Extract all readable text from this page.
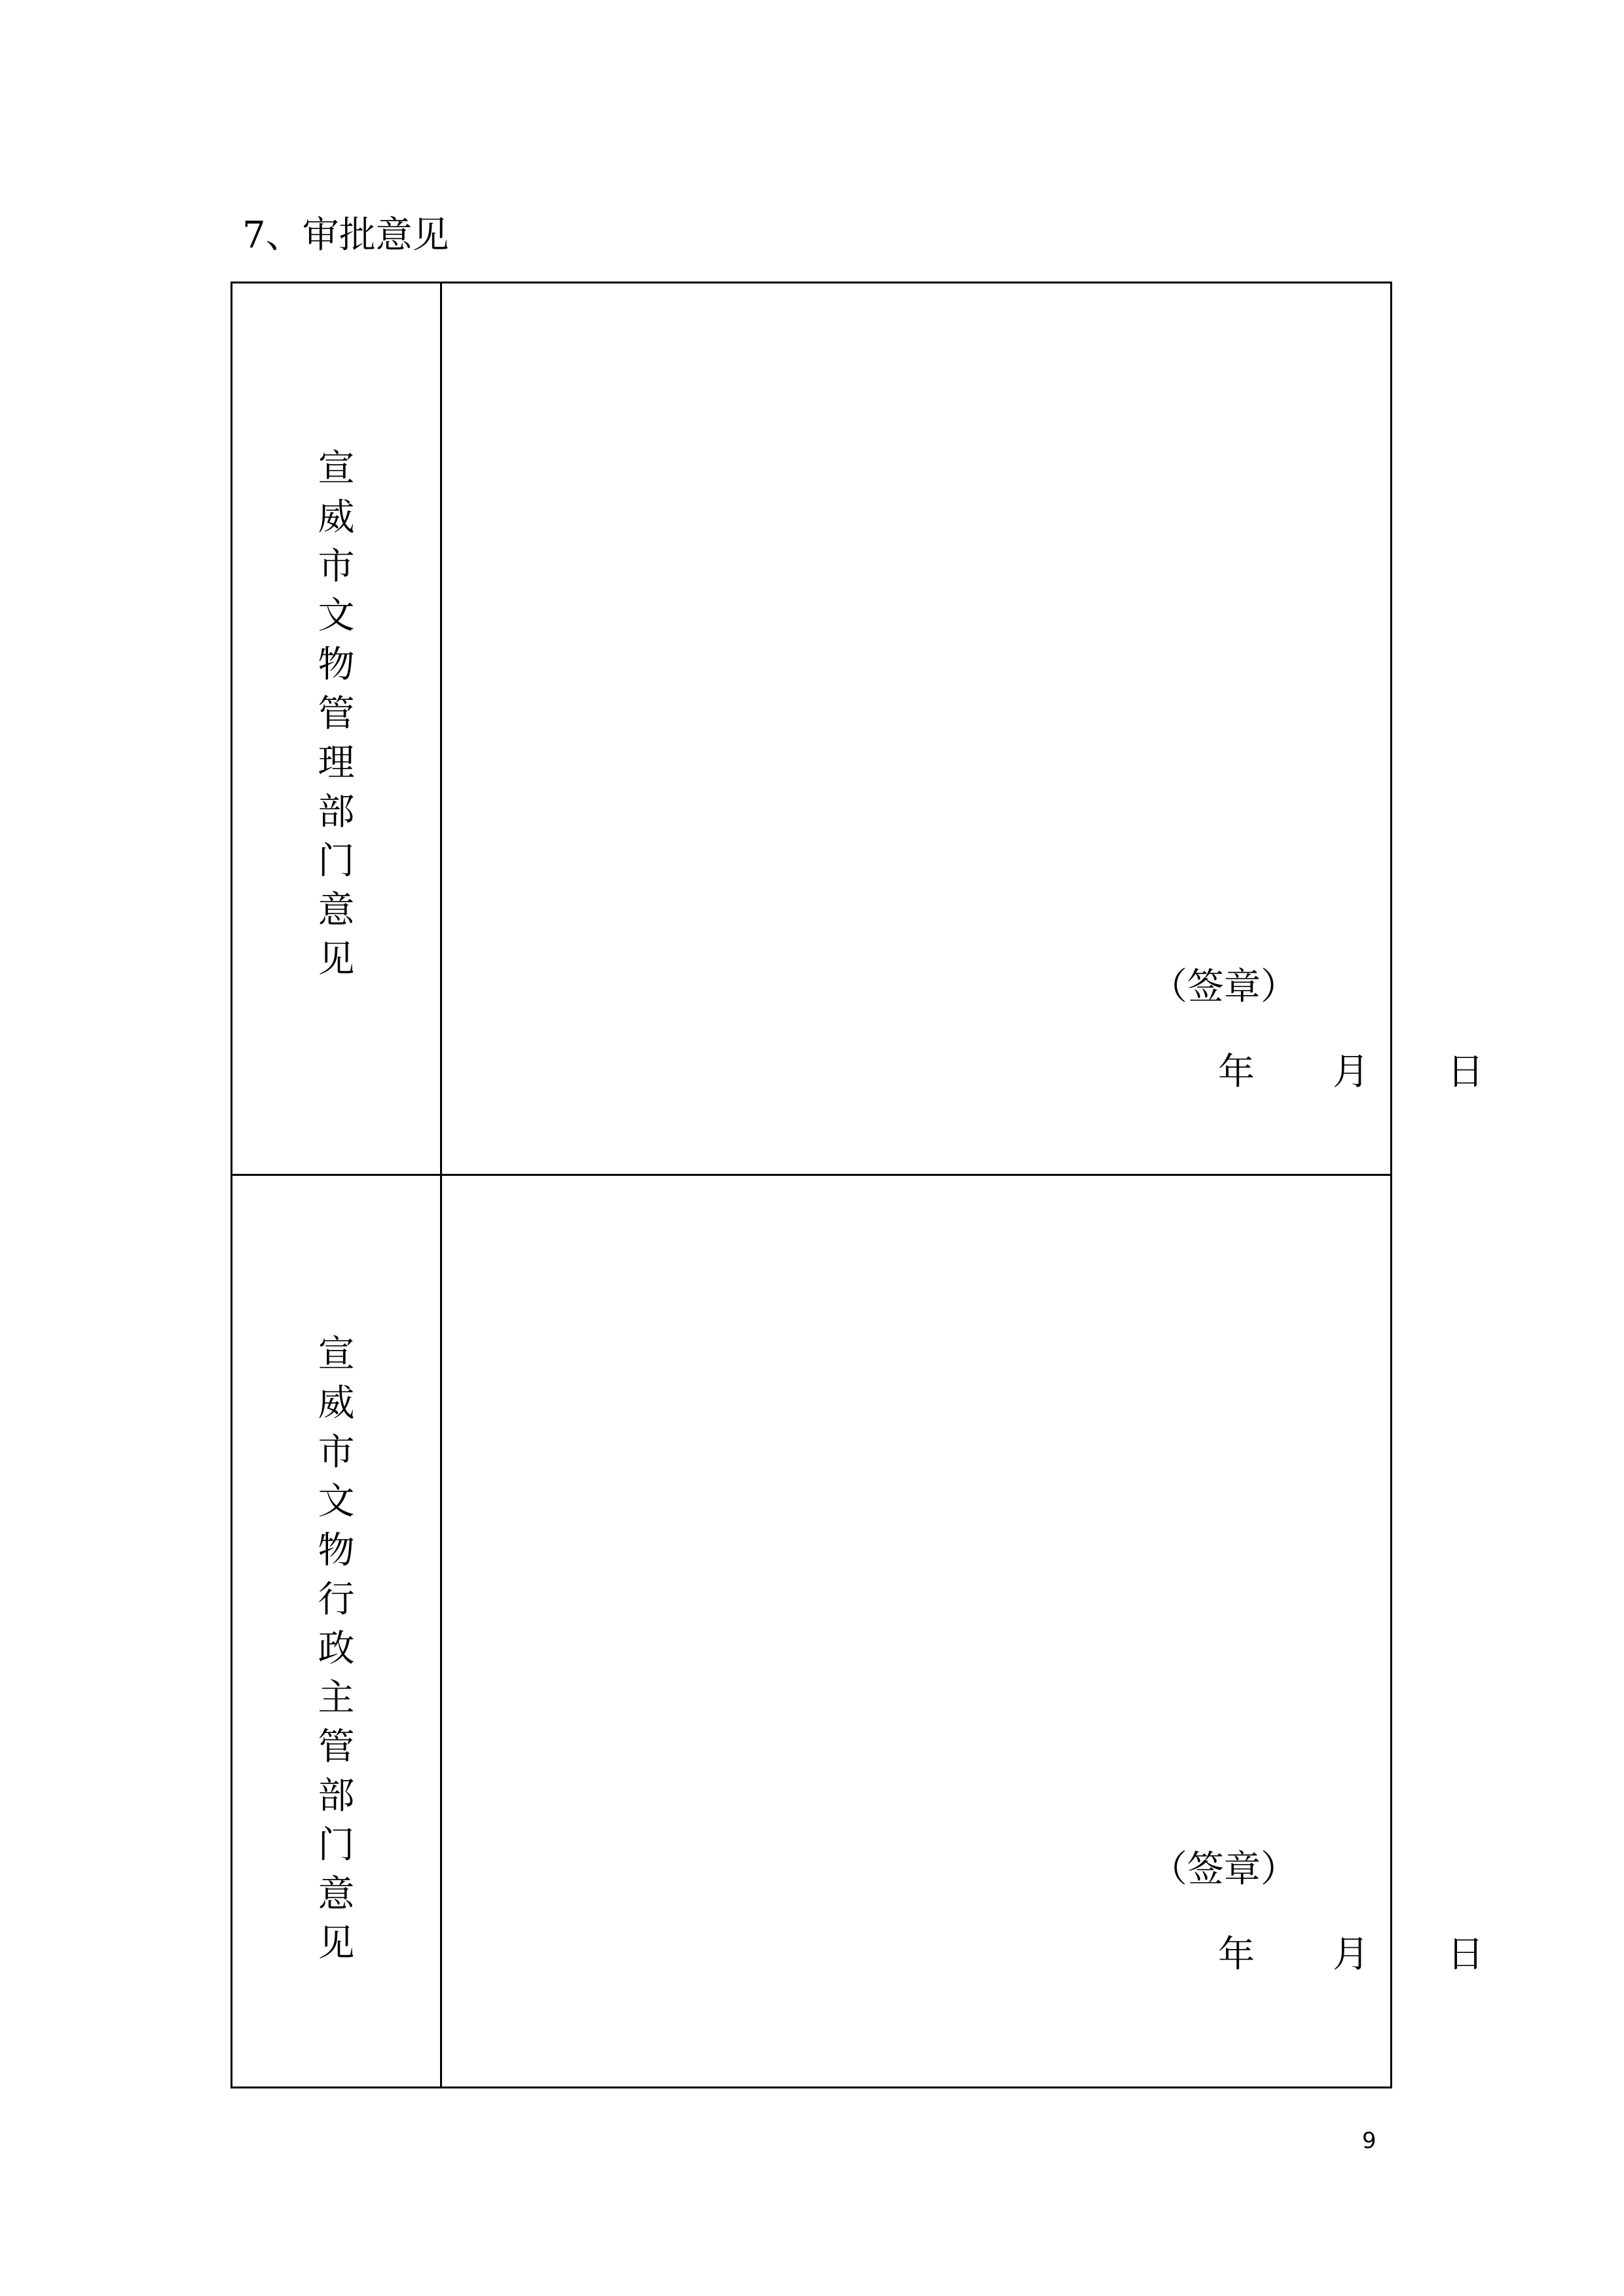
7、审批意见
宣
威
市
文
物
管
理
部
门
意
见
（签章）
年 月 日
宣
威
市
文
物
行
政
主
管
部
门
意
见
（签章）
年 月 日
9
